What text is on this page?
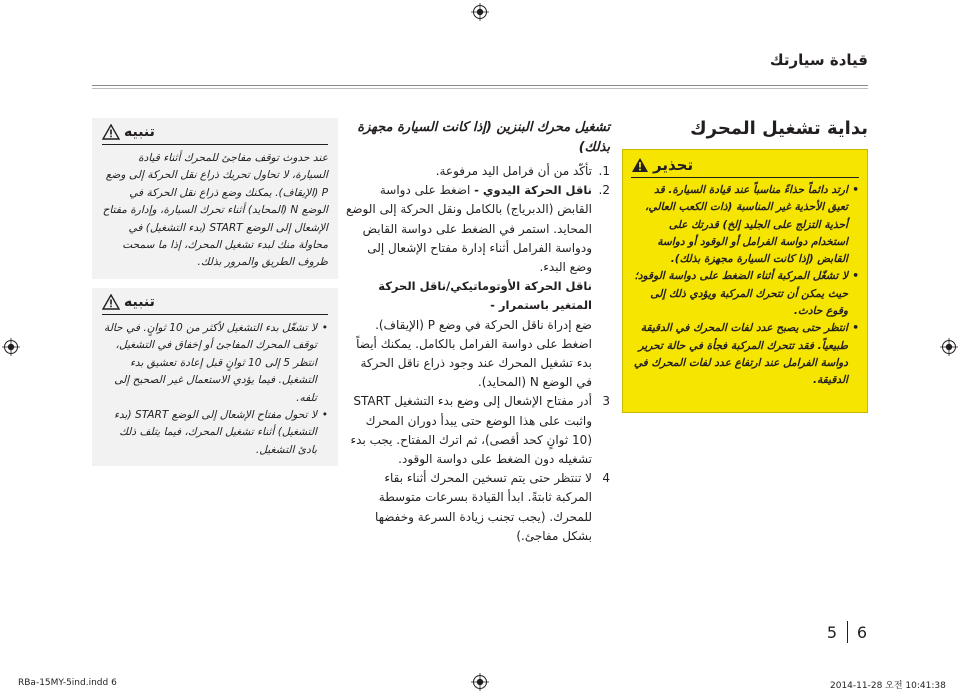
قيادة سيارتك
بداية تشغيل المحرك
تحذير
•
ارتد دائماً حذاءً مناسباً عند قيادة السيارة. قد تعيق الأحذية غير المناسبة (ذات الكعب العالي، أحذية التزلج على الجليد إلخ) قدرتك على استخدام دواسة الفرامل أو الوقود أو دواسة القابض (إذا كانت السيارة مجهزة بذلك).
•
لا تشغّل المركبة أثناء الضغط على دواسة الوقود؛ حيث يمكن أن تتحرك المركبة ويؤدي ذلك إلى وقوع حادث.
•
انتظر حتى يصبح عدد لفات المحرك في الدقيقة طبيعياً. فقد تتحرك المركبة فجأة في حالة تحرير دواسة الفرامل عند ارتفاع عدد لفات المحرك في الدقيقة.
تشغيل محرك البنزين (إذا كانت السيارة مجهزة بذلك)
1.
تأكّد من أن فرامل اليد مرفوعة.
2.
ناقل الحركة اليدوي - اضغط على دواسة القابض (الدبرياج) بالكامل ونقل الحركة إلى الوضع المحايد. استمر في الضغط على دواسة القابض ودواسة الفرامل أثناء إدارة مفتاح الإشعال إلى وضع البدء.
ناقل الحركة الأوتوماتيكي/ناقل الحركة المتغير باستمرار -
ضع إدراة ناقل الحركة في وضع P (الإيقاف). اضغط على دواسة الفرامل بالكامل. يمكنك أيضاً بدء تشغيل المحرك عند وجود ذراع ناقل الحركة في الوضع N (المحايد).
3
أدر مفتاح الإشعال إلى وضع بدء التشغيل START واثبت على هذا الوضع حتى يبدأ دوران المحرك (10 ثوانٍ كحد أقصى)، ثم اترك المفتاح. يجب بدء تشغيله دون الضغط على دواسة الوقود.
4
لا تنتظر حتى يتم تسخين المحرك أثناء بقاء المركبة ثابتةً. ابدأ القيادة بسرعات متوسطة للمحرك. (يجب تجنب زيادة السرعة وخفضها بشكل مفاجئ.)
تنبيه
عند حدوث توقف مفاجئ للمحرك أثناء قيادة السيارة، لا تحاول تحريك ذراع نقل الحركة إلى وضع P (الإيقاف). يمكنك وضع ذراع نقل الحركة في الوضع N (المحايد) أثناء تحرك السيارة، وإدارة مفتاح الإشعال إلى الوضع START (بدء التشغيل) في محاولة منك لبدء تشغيل المحرك، إذا ما سمحت ظروف الطريق والمرور بذلك.
تنبيه
•
لا تشغّل بدء التشغيل لأكثر من 10 ثوانٍ. في حالة توقف المحرك المفاجئ أو إخفاق في التشغيل، انتظر 5 إلى 10 ثوانٍ قبل إعادة تعشيق بدء التشغيل. فيما يؤدي الاستعمال غير الصحيح إلى تلفه.
•
لا تحول مفتاح الإشعال إلى الوضع START (بدء التشغيل) أثناء تشغيل المحرك، فيما يتلف ذلك بادئ التشغيل.
5	6
RBa-15MY-5ind.indd 6	2014-11-28 오전 10:41:38
